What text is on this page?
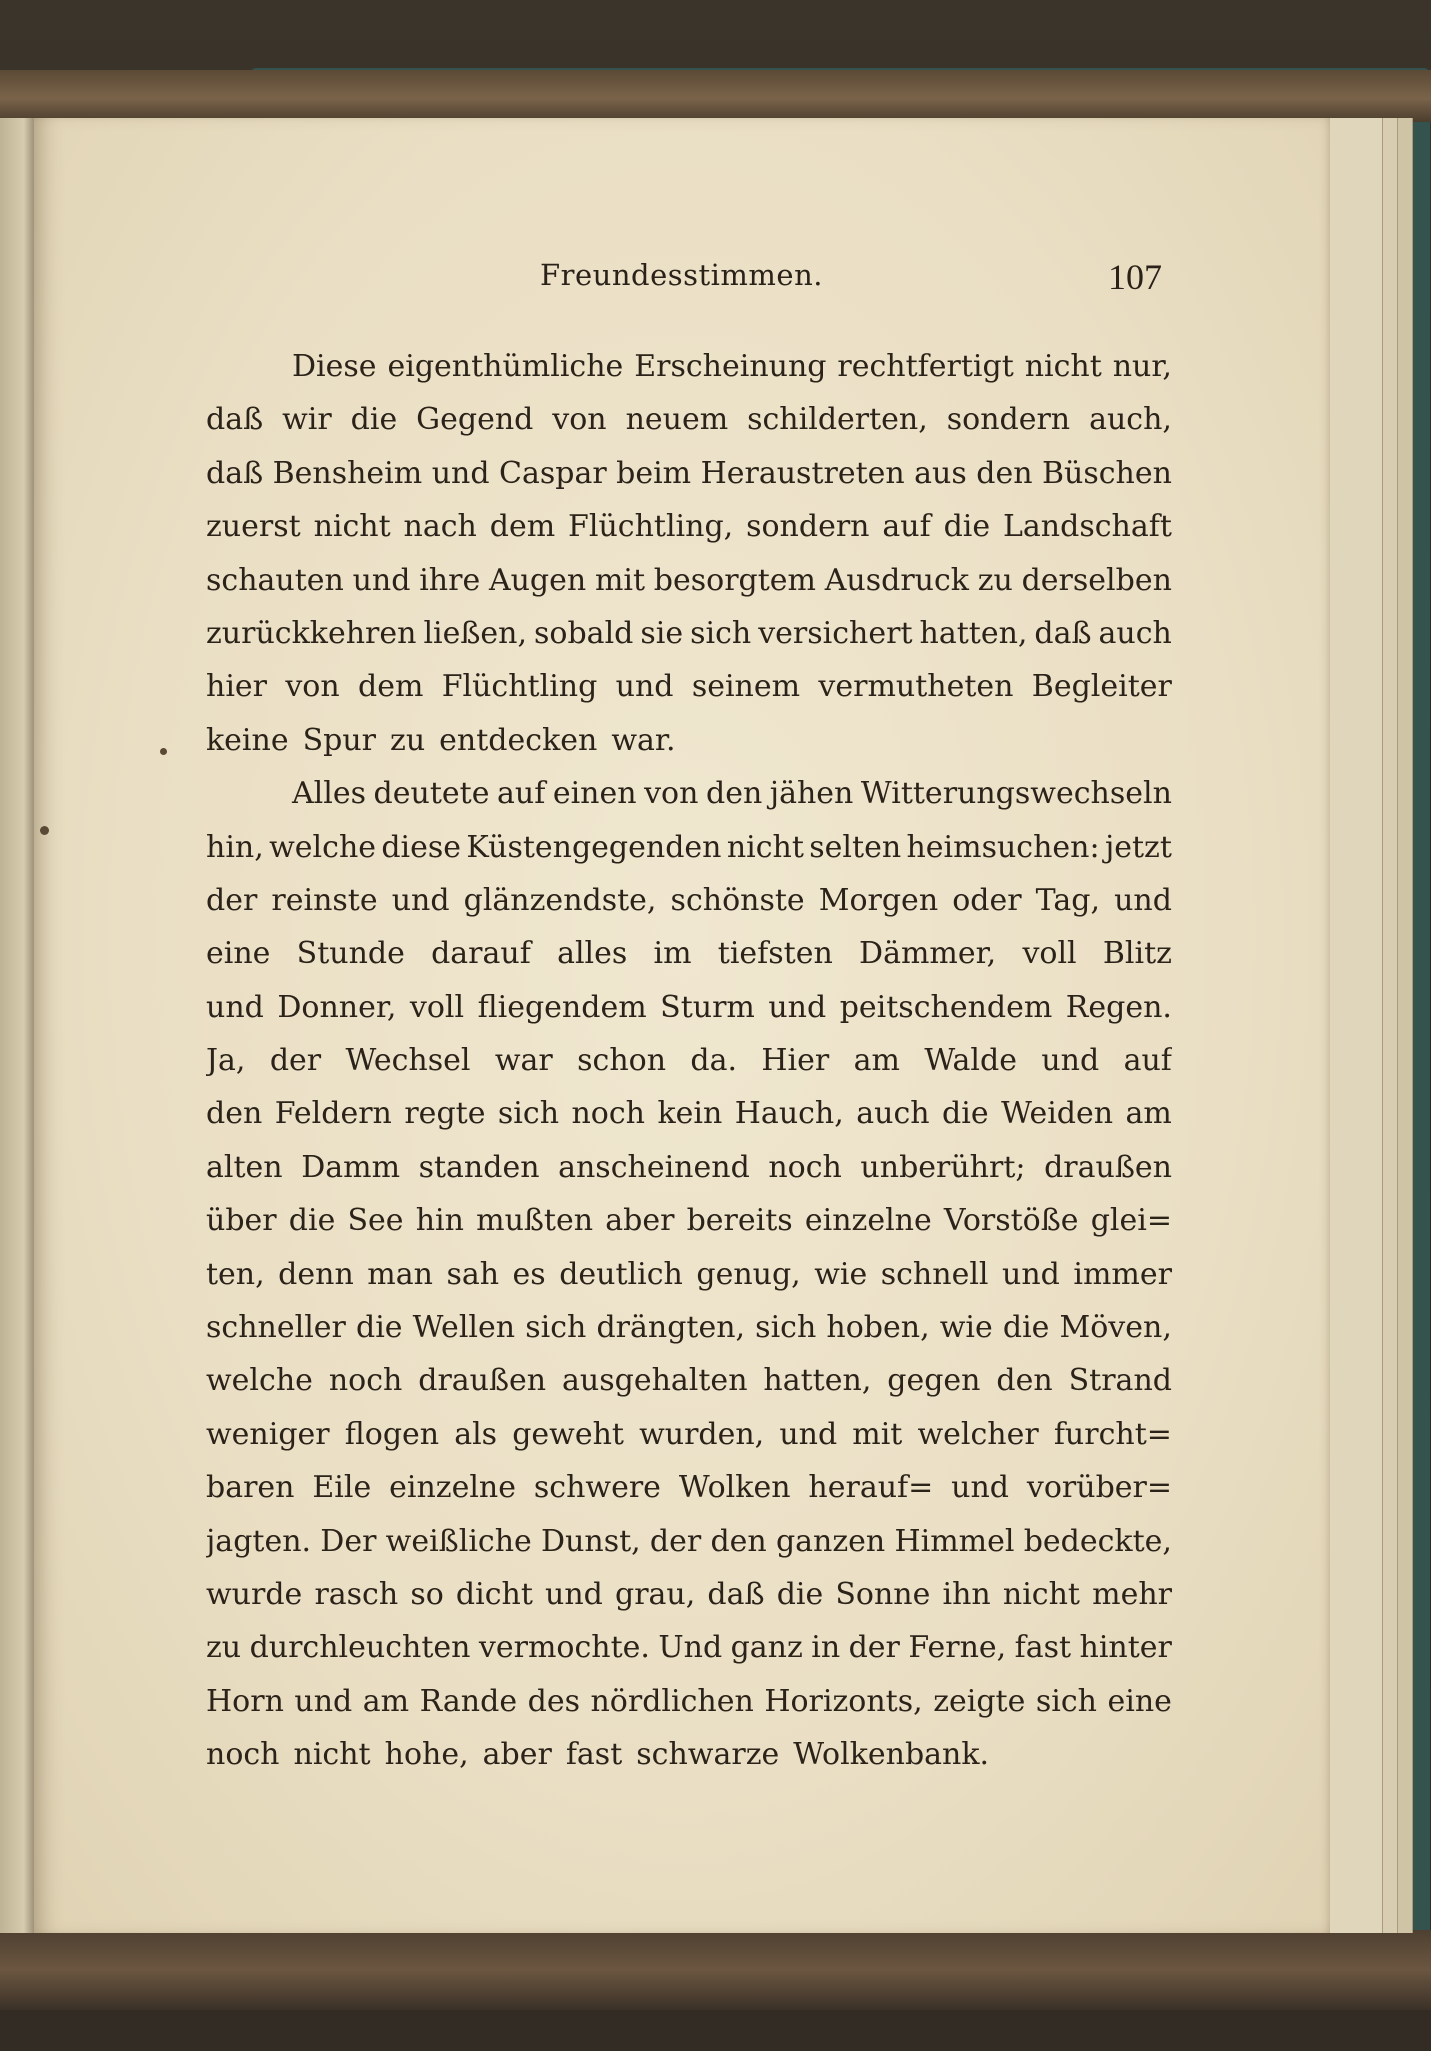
Freundesstimmen.	107
Diese eigenthümliche Erscheinung rechtfertigt nicht nur,
daß wir die Gegend von neuem schilderten, sondern auch,
daß Bensheim und Caspar beim Heraustreten aus den Büschen
zuerst nicht nach dem Flüchtling, sondern auf die Landschaft
schauten und ihre Augen mit besorgtem Ausdruck zu derselben
zurückkehren ließen, sobald sie sich versichert hatten, daß auch
hier von dem Flüchtling und seinem vermutheten Begleiter
keine Spur zu entdecken war.
Alles deutete auf einen von den jähen Witterungswechseln
hin, welche diese Küstengegenden nicht selten heimsuchen: jetzt
der reinste und glänzendste, schönste Morgen oder Tag, und
eine Stunde darauf alles im tiefsten Dämmer, voll Blitz
und Donner, voll fliegendem Sturm und peitschendem Regen.
Ja, der Wechsel war schon da. Hier am Walde und auf
den Feldern regte sich noch kein Hauch, auch die Weiden am
alten Damm standen anscheinend noch unberührt; draußen
über die See hin mußten aber bereits einzelne Vorstöße glei=
ten, denn man sah es deutlich genug, wie schnell und immer
schneller die Wellen sich drängten, sich hoben, wie die Möven,
welche noch draußen ausgehalten hatten, gegen den Strand
weniger flogen als geweht wurden, und mit welcher furcht=
baren Eile einzelne schwere Wolken herauf= und vorüber=
jagten. Der weißliche Dunst, der den ganzen Himmel bedeckte,
wurde rasch so dicht und grau, daß die Sonne ihn nicht mehr
zu durchleuchten vermochte. Und ganz in der Ferne, fast hinter
Horn und am Rande des nördlichen Horizonts, zeigte sich eine
noch nicht hohe, aber fast schwarze Wolkenbank.
